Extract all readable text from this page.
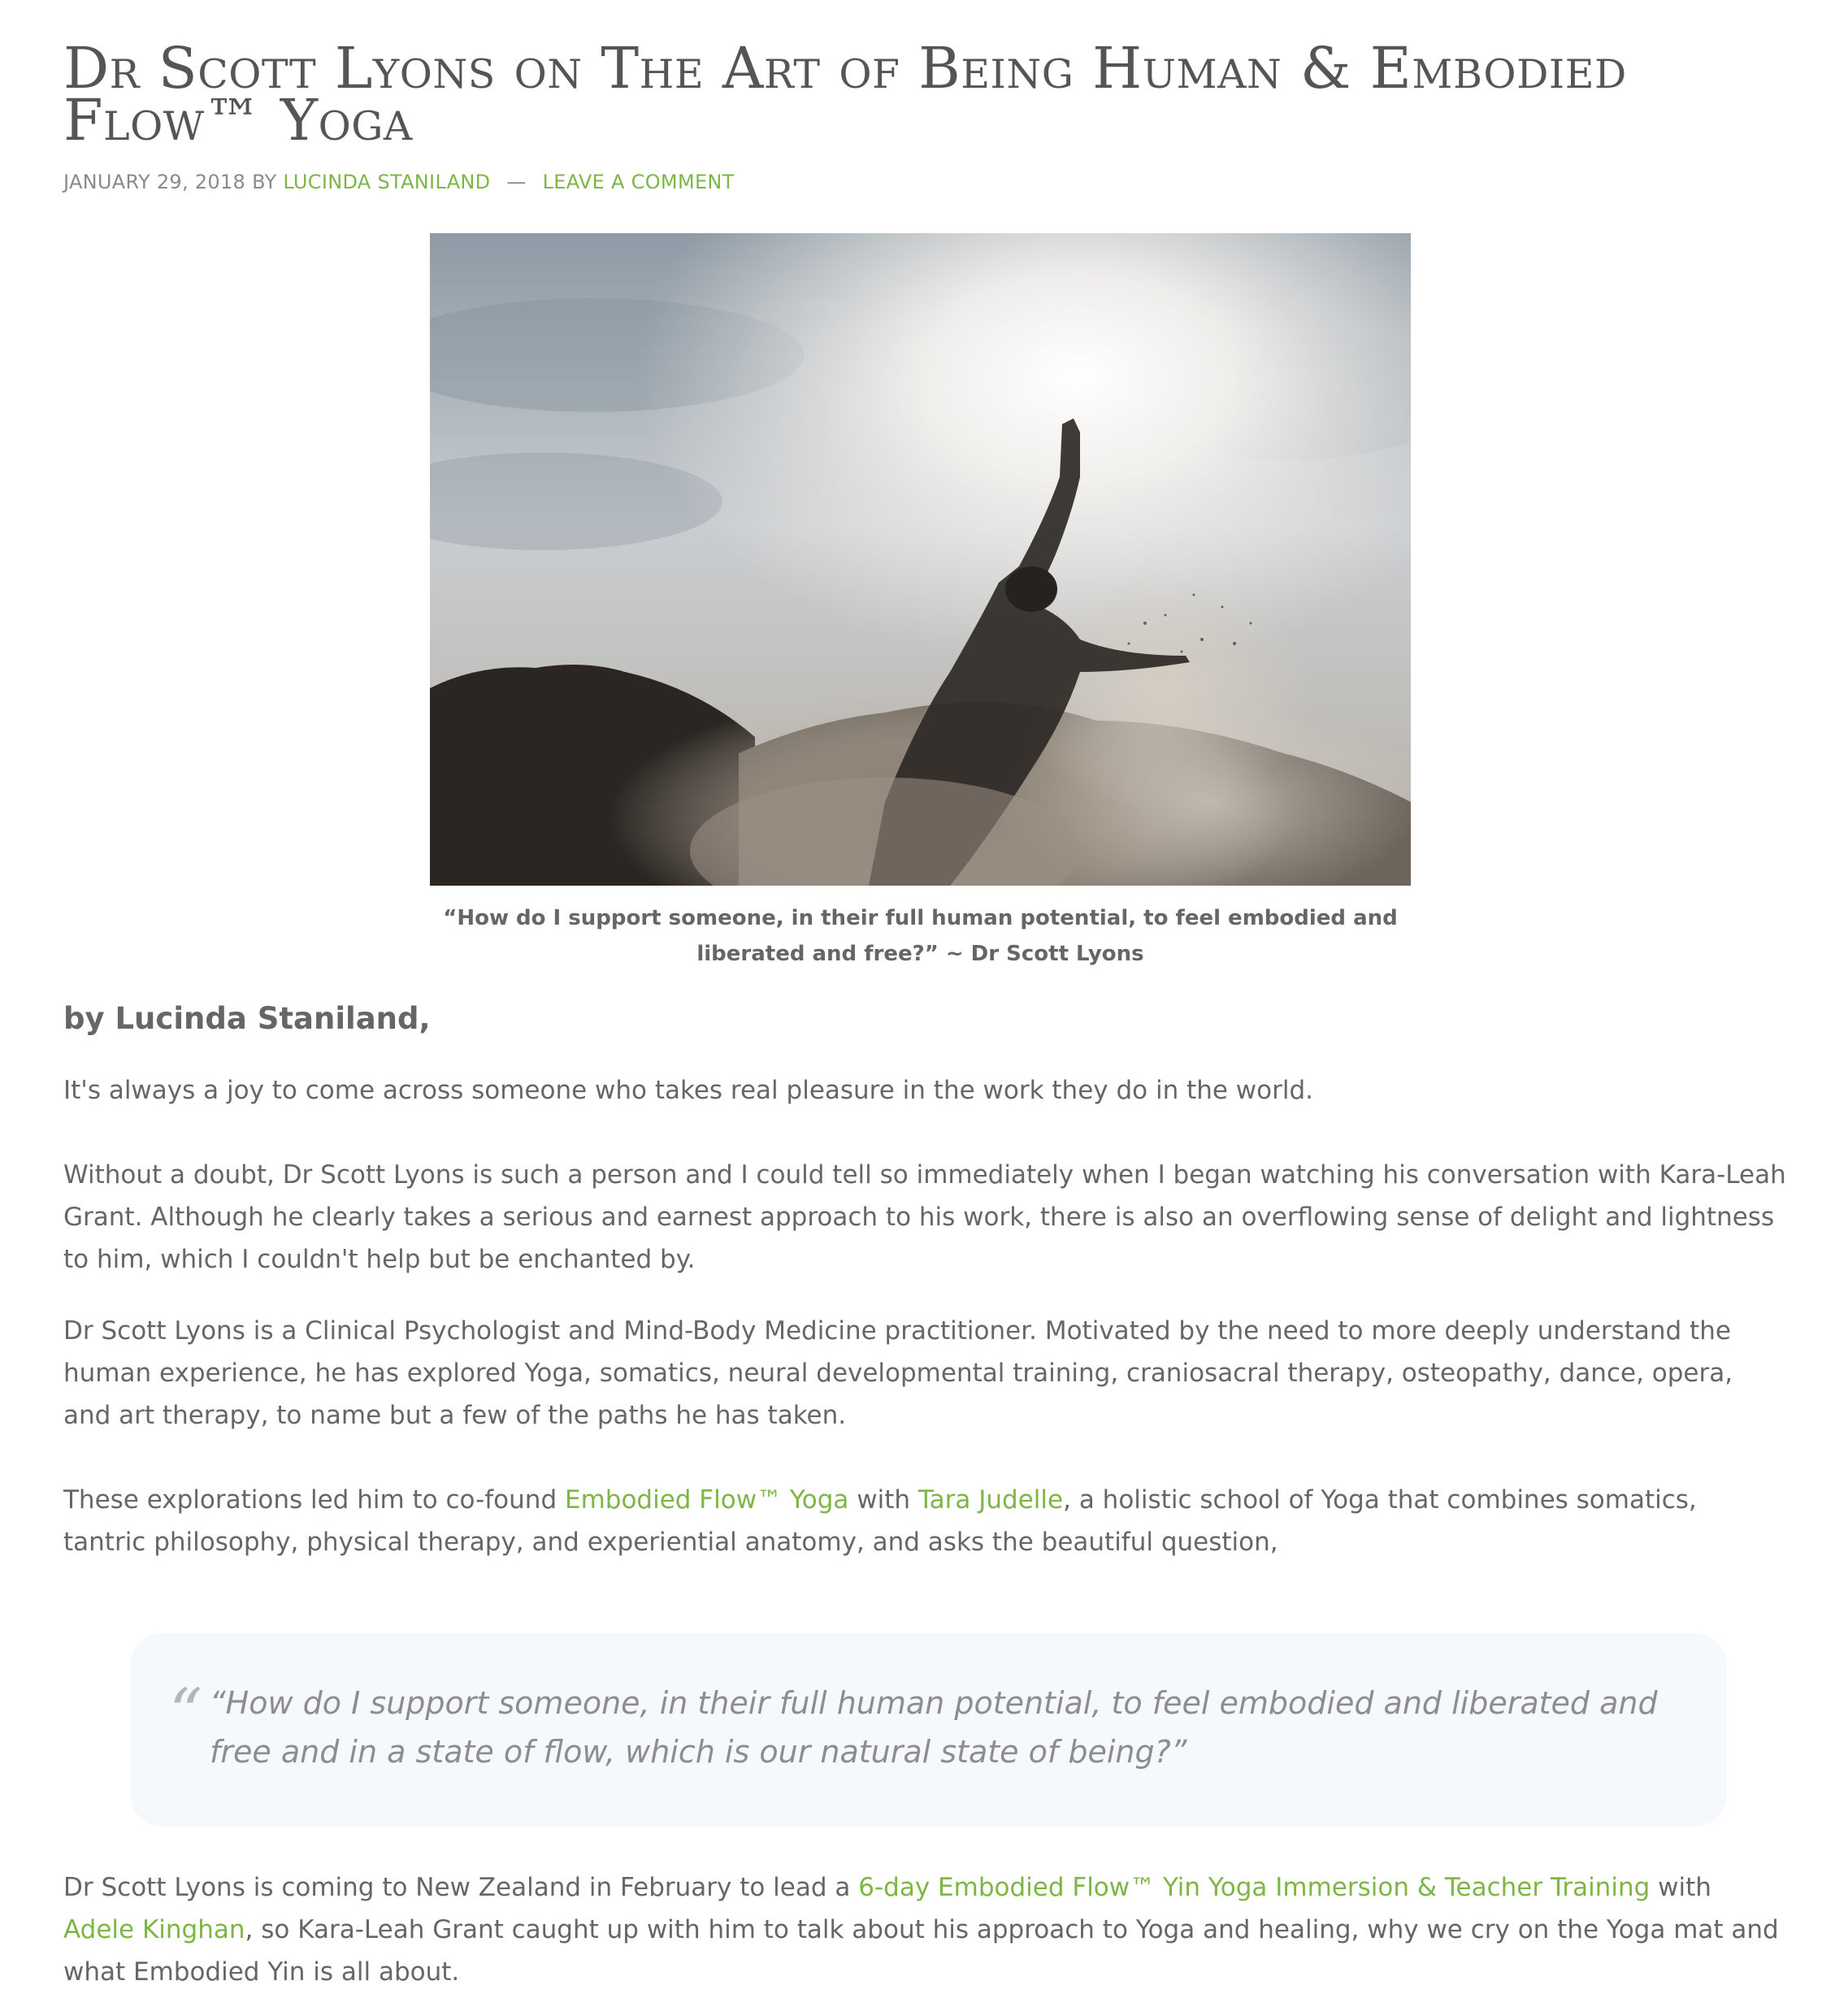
Dr Scott Lyons on The Art of Being Human & Embodied Flow™ Yoga
JANUARY 29, 2018 BY LUCINDA STANILAND — LEAVE A COMMENT
“How do I support someone, in their full human potential, to feel embodied and liberated and free?” ~ Dr Scott Lyons
by Lucinda Staniland,

It's always a joy to come across someone who takes real pleasure in the work they do in the world.

Without a doubt, Dr Scott Lyons is such a person and I could tell so immediately when I began watching his conversation with Kara-Leah Grant. Although he clearly takes a serious and earnest approach to his work, there is also an overflowing sense of delight and lightness to him, which I couldn't help but be enchanted by.

Dr Scott Lyons is a Clinical Psychologist and Mind-Body Medicine practitioner. Motivated by the need to more deeply understand the human experience, he has explored Yoga, somatics, neural developmental training, craniosacral therapy, osteopathy, dance, opera, and art therapy, to name but a few of the paths he has taken.

These explorations led him to co-found Embodied Flow™ Yoga with Tara Judelle, a holistic school of Yoga that combines somatics, tantric philosophy, physical therapy, and experiential anatomy, and asks the beautiful question,

“ “How do I support someone, in their full human potential, to feel embodied and liberated and free and in a state of flow, which is our natural state of being?”

Dr Scott Lyons is coming to New Zealand in February to lead a 6-day Embodied Flow™ Yin Yoga Immersion & Teacher Training with Adele Kinghan, so Kara-Leah Grant caught up with him to talk about his approach to Yoga and healing, why we cry on the Yoga mat and what Embodied Yin is all about.
